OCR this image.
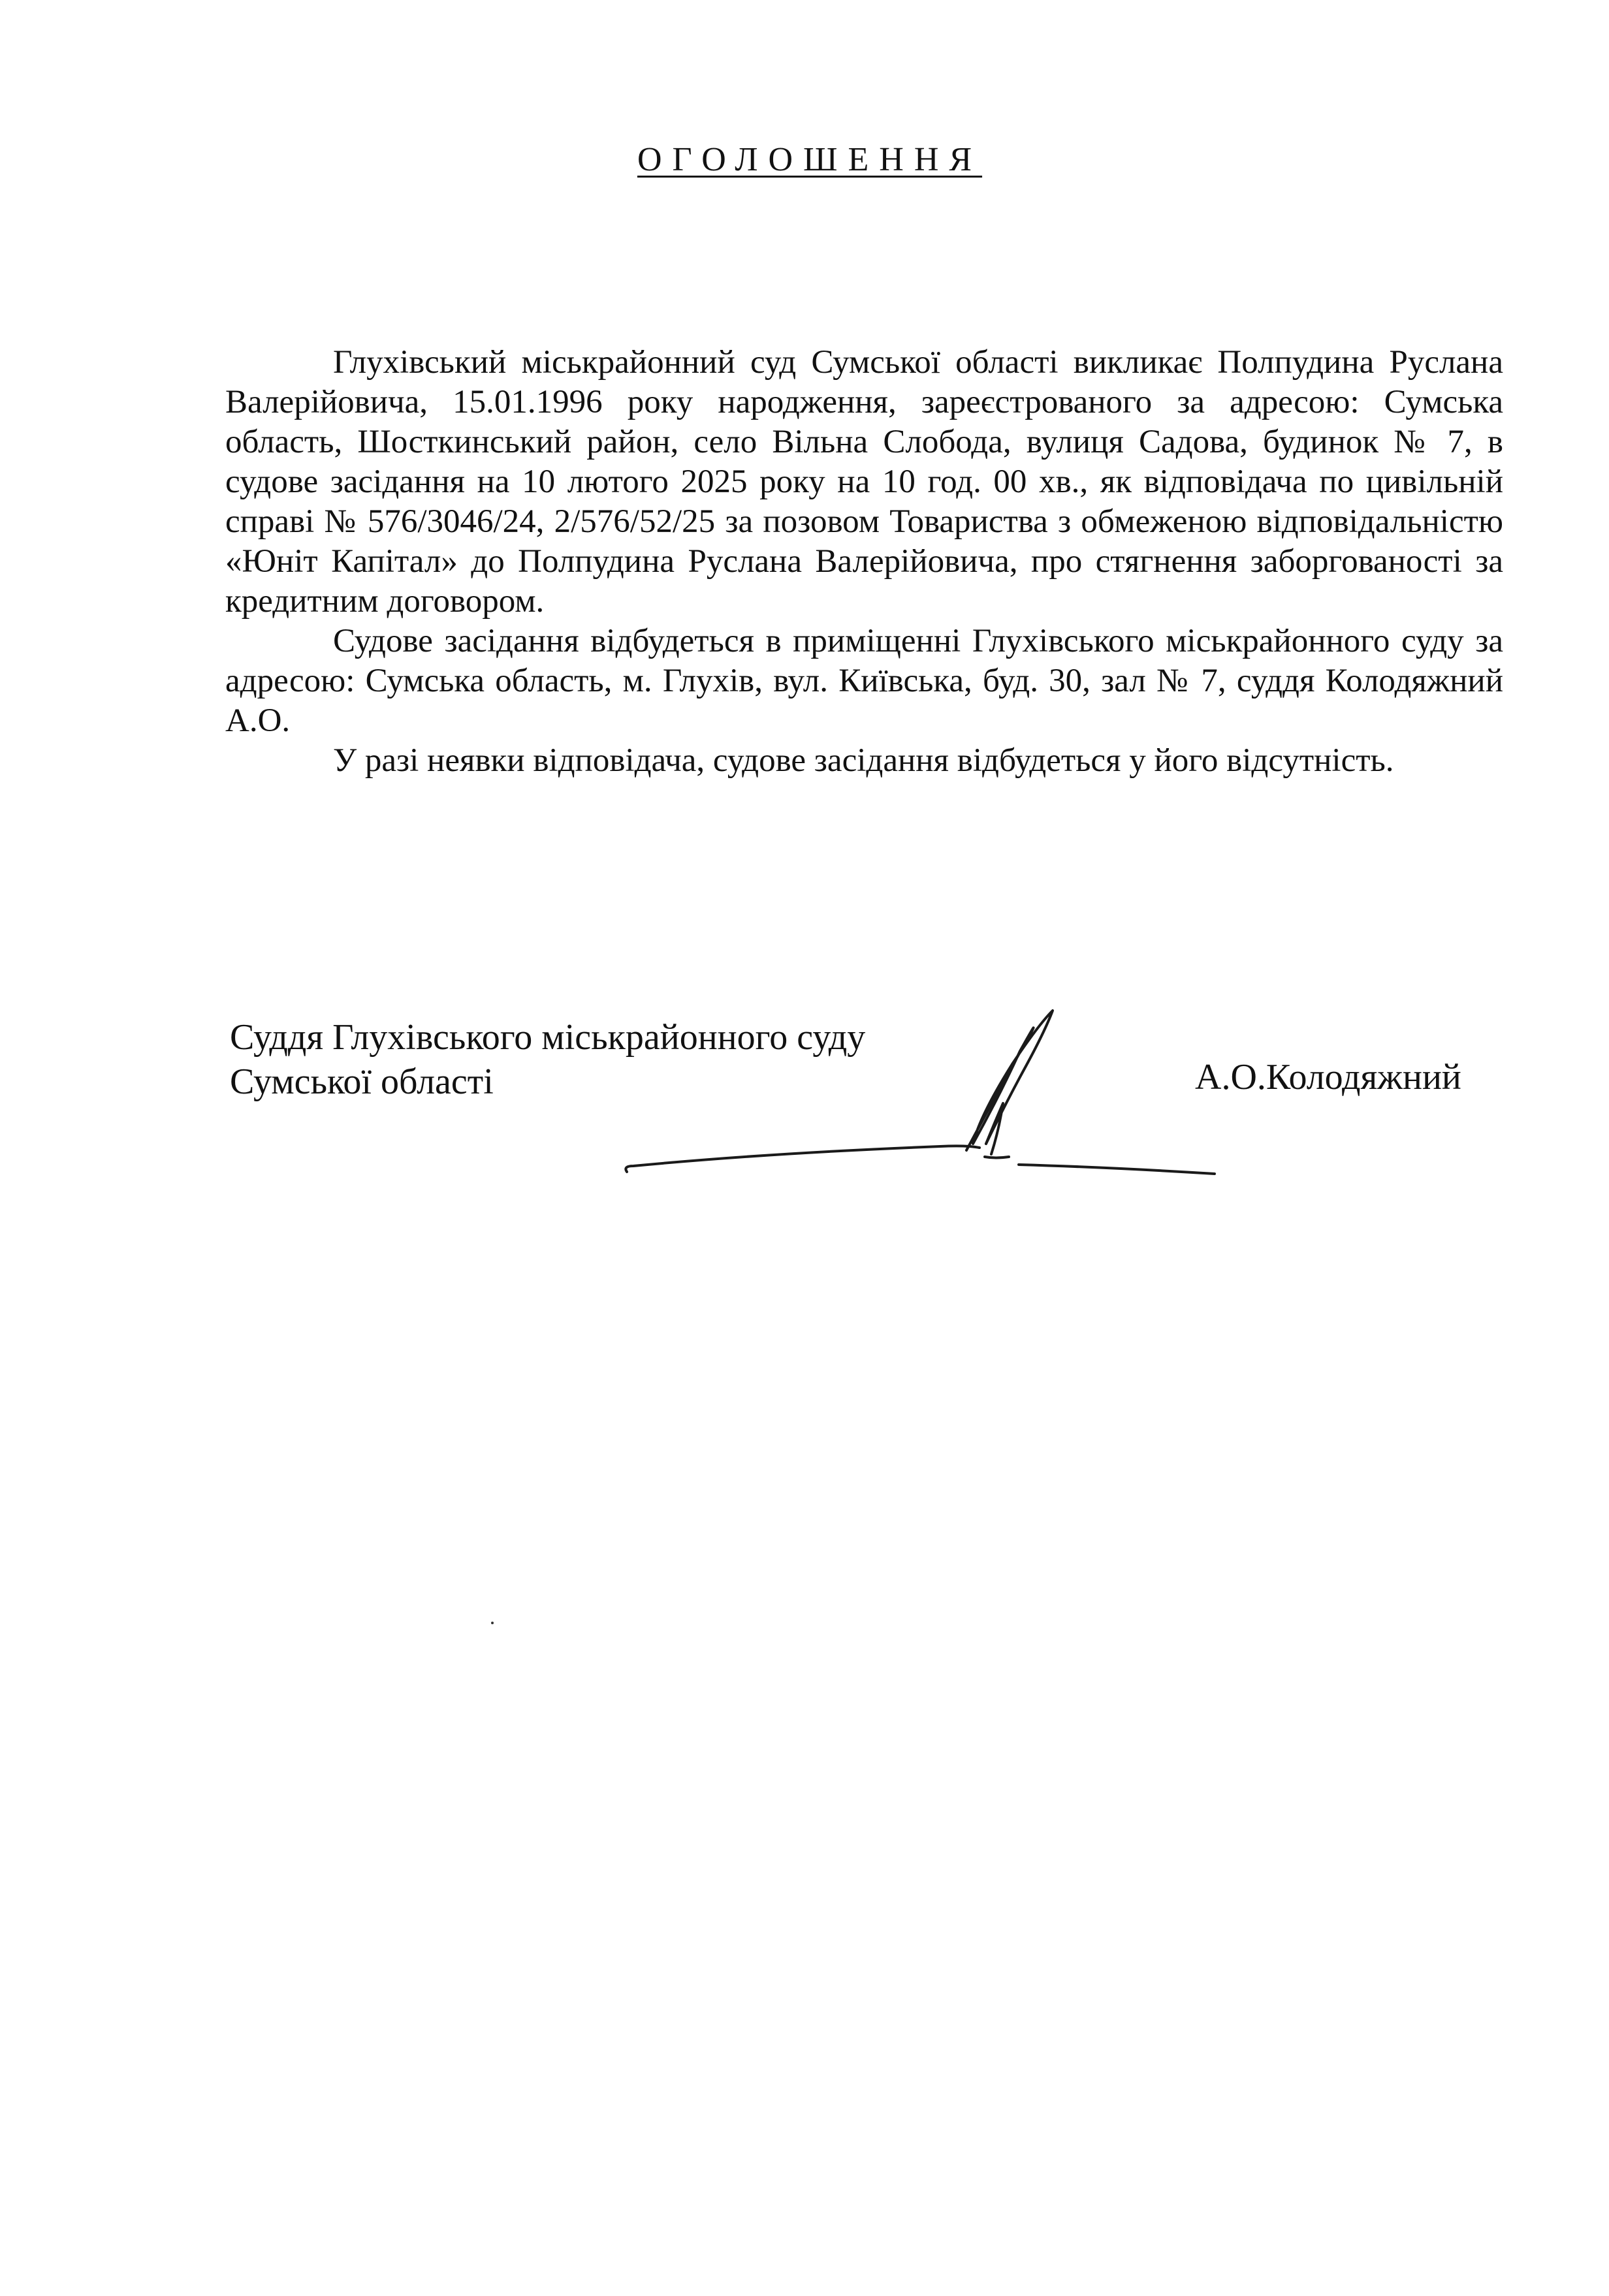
ОГОЛОШЕННЯ

Глухівський міськрайонний суд Сумської області викликає Полпудина Руслана Валерійовича, 15.01.1996 року народження, зареєстрованого за адресою: Сумська область, Шосткинський район, село Вільна Слобода, вулиця Садова, будинок № 7, в судове засідання на 10 лютого 2025 року на 10 год. 00 хв., як відповідача по цивільній справі № 576/3046/24, 2/576/52/25 за позовом Товариства з обмеженою відповідальністю «Юніт Капітал» до Полпудина Руслана Валерійовича, про стягнення заборгованості за кредитним договором.

Судове засідання відбудеться в приміщенні Глухівського міськрайонного суду за адресою: Сумська область, м. Глухів, вул. Київська, буд. 30, зал № 7, суддя Колодяжний А.О.

У разі неявки відповідача, судове засідання відбудеться у його відсутність.

Суддя Глухівського міськрайонного суду
Сумської області	А.О.Колодяжний
